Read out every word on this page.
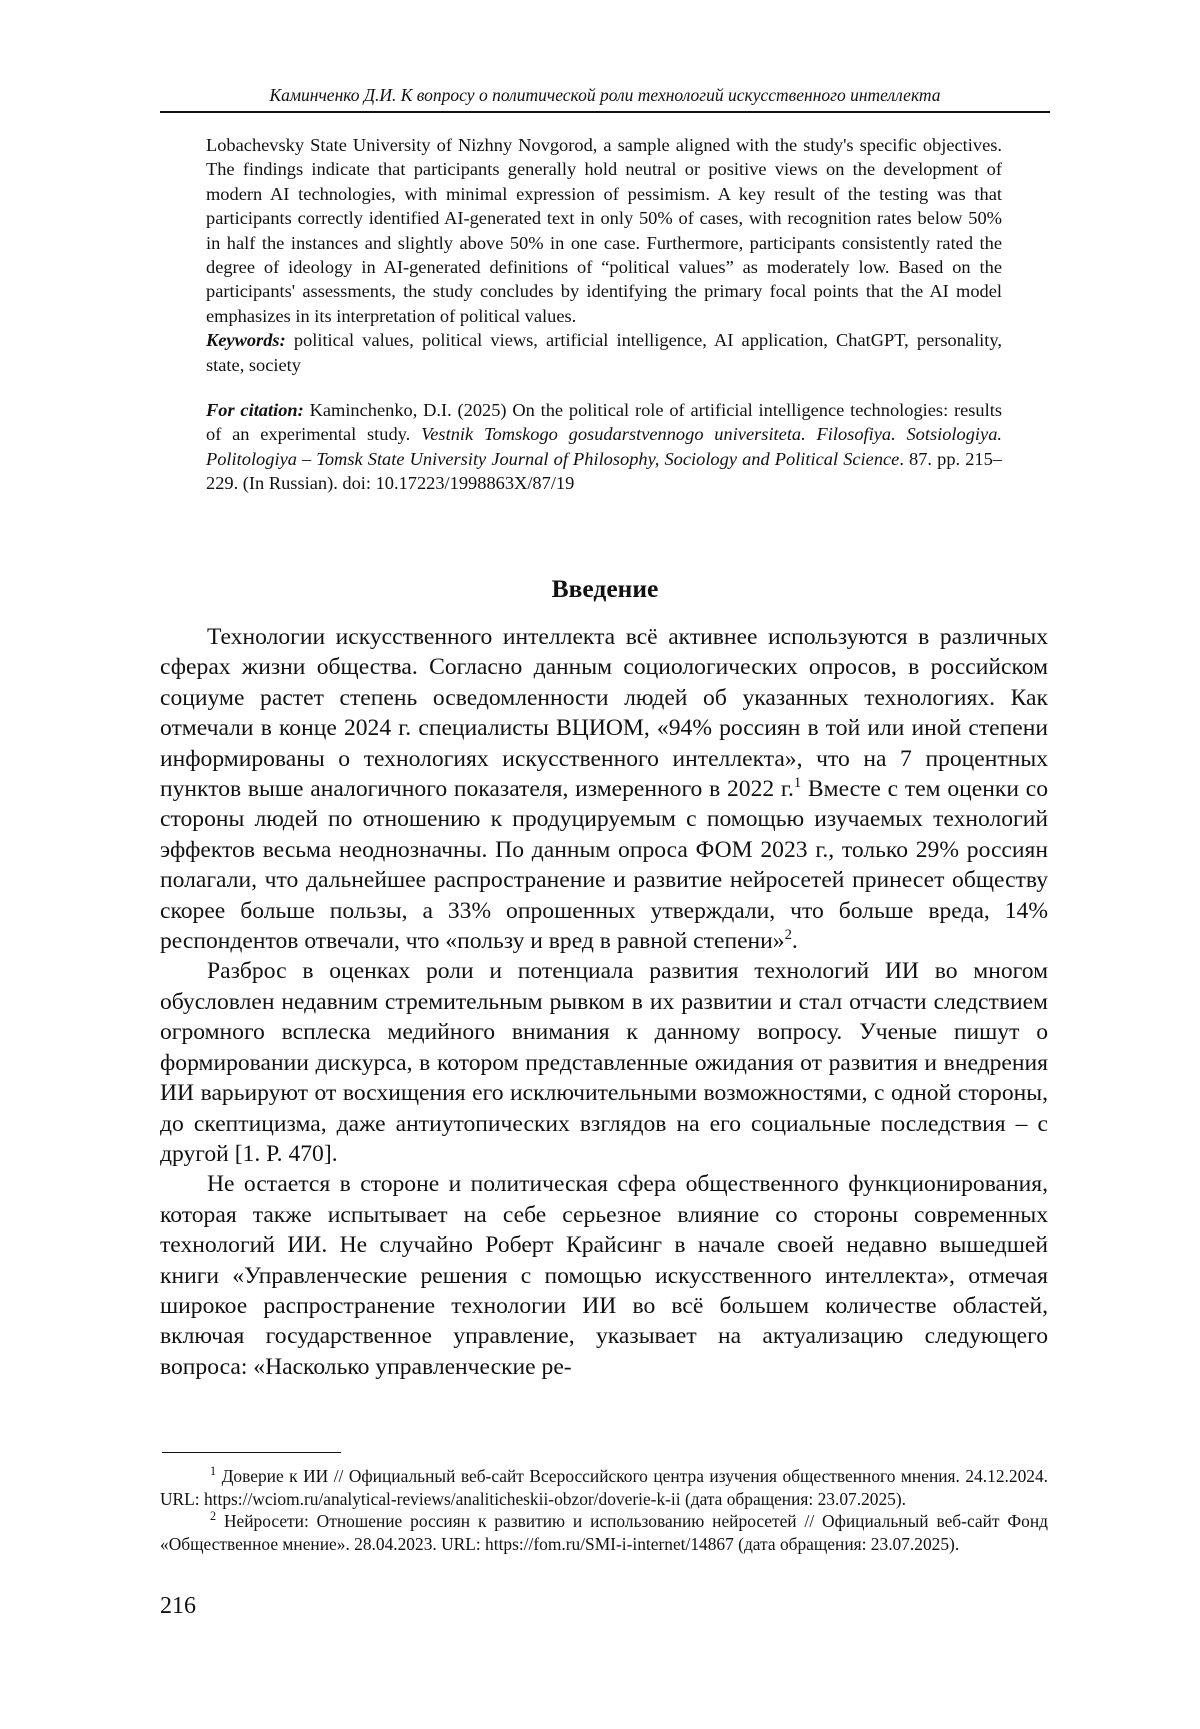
Каминченко Д.И. К вопросу о политической роли технологий искусственного интеллекта

Lobachevsky State University of Nizhny Novgorod, a sample aligned with the study's specific objectives. The findings indicate that participants generally hold neutral or positive views on the development of modern AI technologies, with minimal expression of pessimism. A key result of the testing was that participants correctly identified AI-generated text in only 50% of cases, with recognition rates below 50% in half the instances and slightly above 50% in one case. Furthermore, participants consistently rated the degree of ideology in AI-generated definitions of “political values” as moderately low. Based on the participants' assessments, the study concludes by identifying the primary focal points that the AI model emphasizes in its interpretation of political values.

Keywords: political values, political views, artificial intelligence, AI application, ChatGPT, personality, state, society

For citation: Kaminchenko, D.I. (2025) On the political role of artificial intelligence technologies: results of an experimental study. Vestnik Tomskogo gosudarstvennogo universiteta. Filosofiya. Sotsiologiya. Politologiya – Tomsk State University Journal of Philosophy, Sociology and Political Science. 87. pp. 215–229. (In Russian). doi: 10.17223/1998863X/87/19

Введение

Технологии искусственного интеллекта всё активнее используются в различных сферах жизни общества. Согласно данным социологических опросов, в российском социуме растет степень осведомленности людей об указанных технологиях. Как отмечали в конце 2024 г. специалисты ВЦИОМ, «94% россиян в той или иной степени информированы о технологиях искусственного интеллекта», что на 7 процентных пунктов выше аналогичного показателя, измеренного в 2022 г.$^1$ Вместе с тем оценки со стороны людей по отношению к продуцируемым с помощью изучаемых технологий эффектов весьма неоднозначны. По данным опроса ФОМ 2023 г., только 29% россиян полагали, что дальнейшее распространение и развитие нейросетей принесет обществу скорее больше пользы, а 33% опрошенных утверждали, что больше вреда, 14% респондентов отвечали, что «пользу и вред в равной степени»$^2$.

Разброс в оценках роли и потенциала развития технологий ИИ во многом обусловлен недавним стремительным рывком в их развитии и стал отчасти следствием огромного всплеска медийного внимания к данному вопросу. Ученые пишут о формировании дискурса, в котором представленные ожидания от развития и внедрения ИИ варьируют от восхищения его исключительными возможностями, с одной стороны, до скептицизма, даже антиутопических взглядов на его социальные последствия – с другой [1. P. 470].

Не остается в стороне и политическая сфера общественного функционирования, которая также испытывает на себе серьезное влияние со стороны современных технологий ИИ. Не случайно Роберт Крайсинг в начале своей недавно вышедшей книги «Управленческие решения с помощью искусственного интеллекта», отмечая широкое распространение технологии ИИ во всё большем количестве областей, включая государственное управление, указывает на актуализацию следующего вопроса: «Насколько управленческие ре-

$^1$ Доверие к ИИ // Официальный веб-сайт Всероссийского центра изучения общественного мнения. 24.12.2024. URL: https://wciom.ru/analytical-reviews/analiticheskii-obzor/doverie-k-ii (дата обращения: 23.07.2025).

$^2$ Нейросети: Отношение россиян к развитию и использованию нейросетей // Официальный веб-сайт Фонд «Общественное мнение». 28.04.2023. URL: https://fom.ru/SMI-i-internet/14867 (дата обращения: 23.07.2025).

216
